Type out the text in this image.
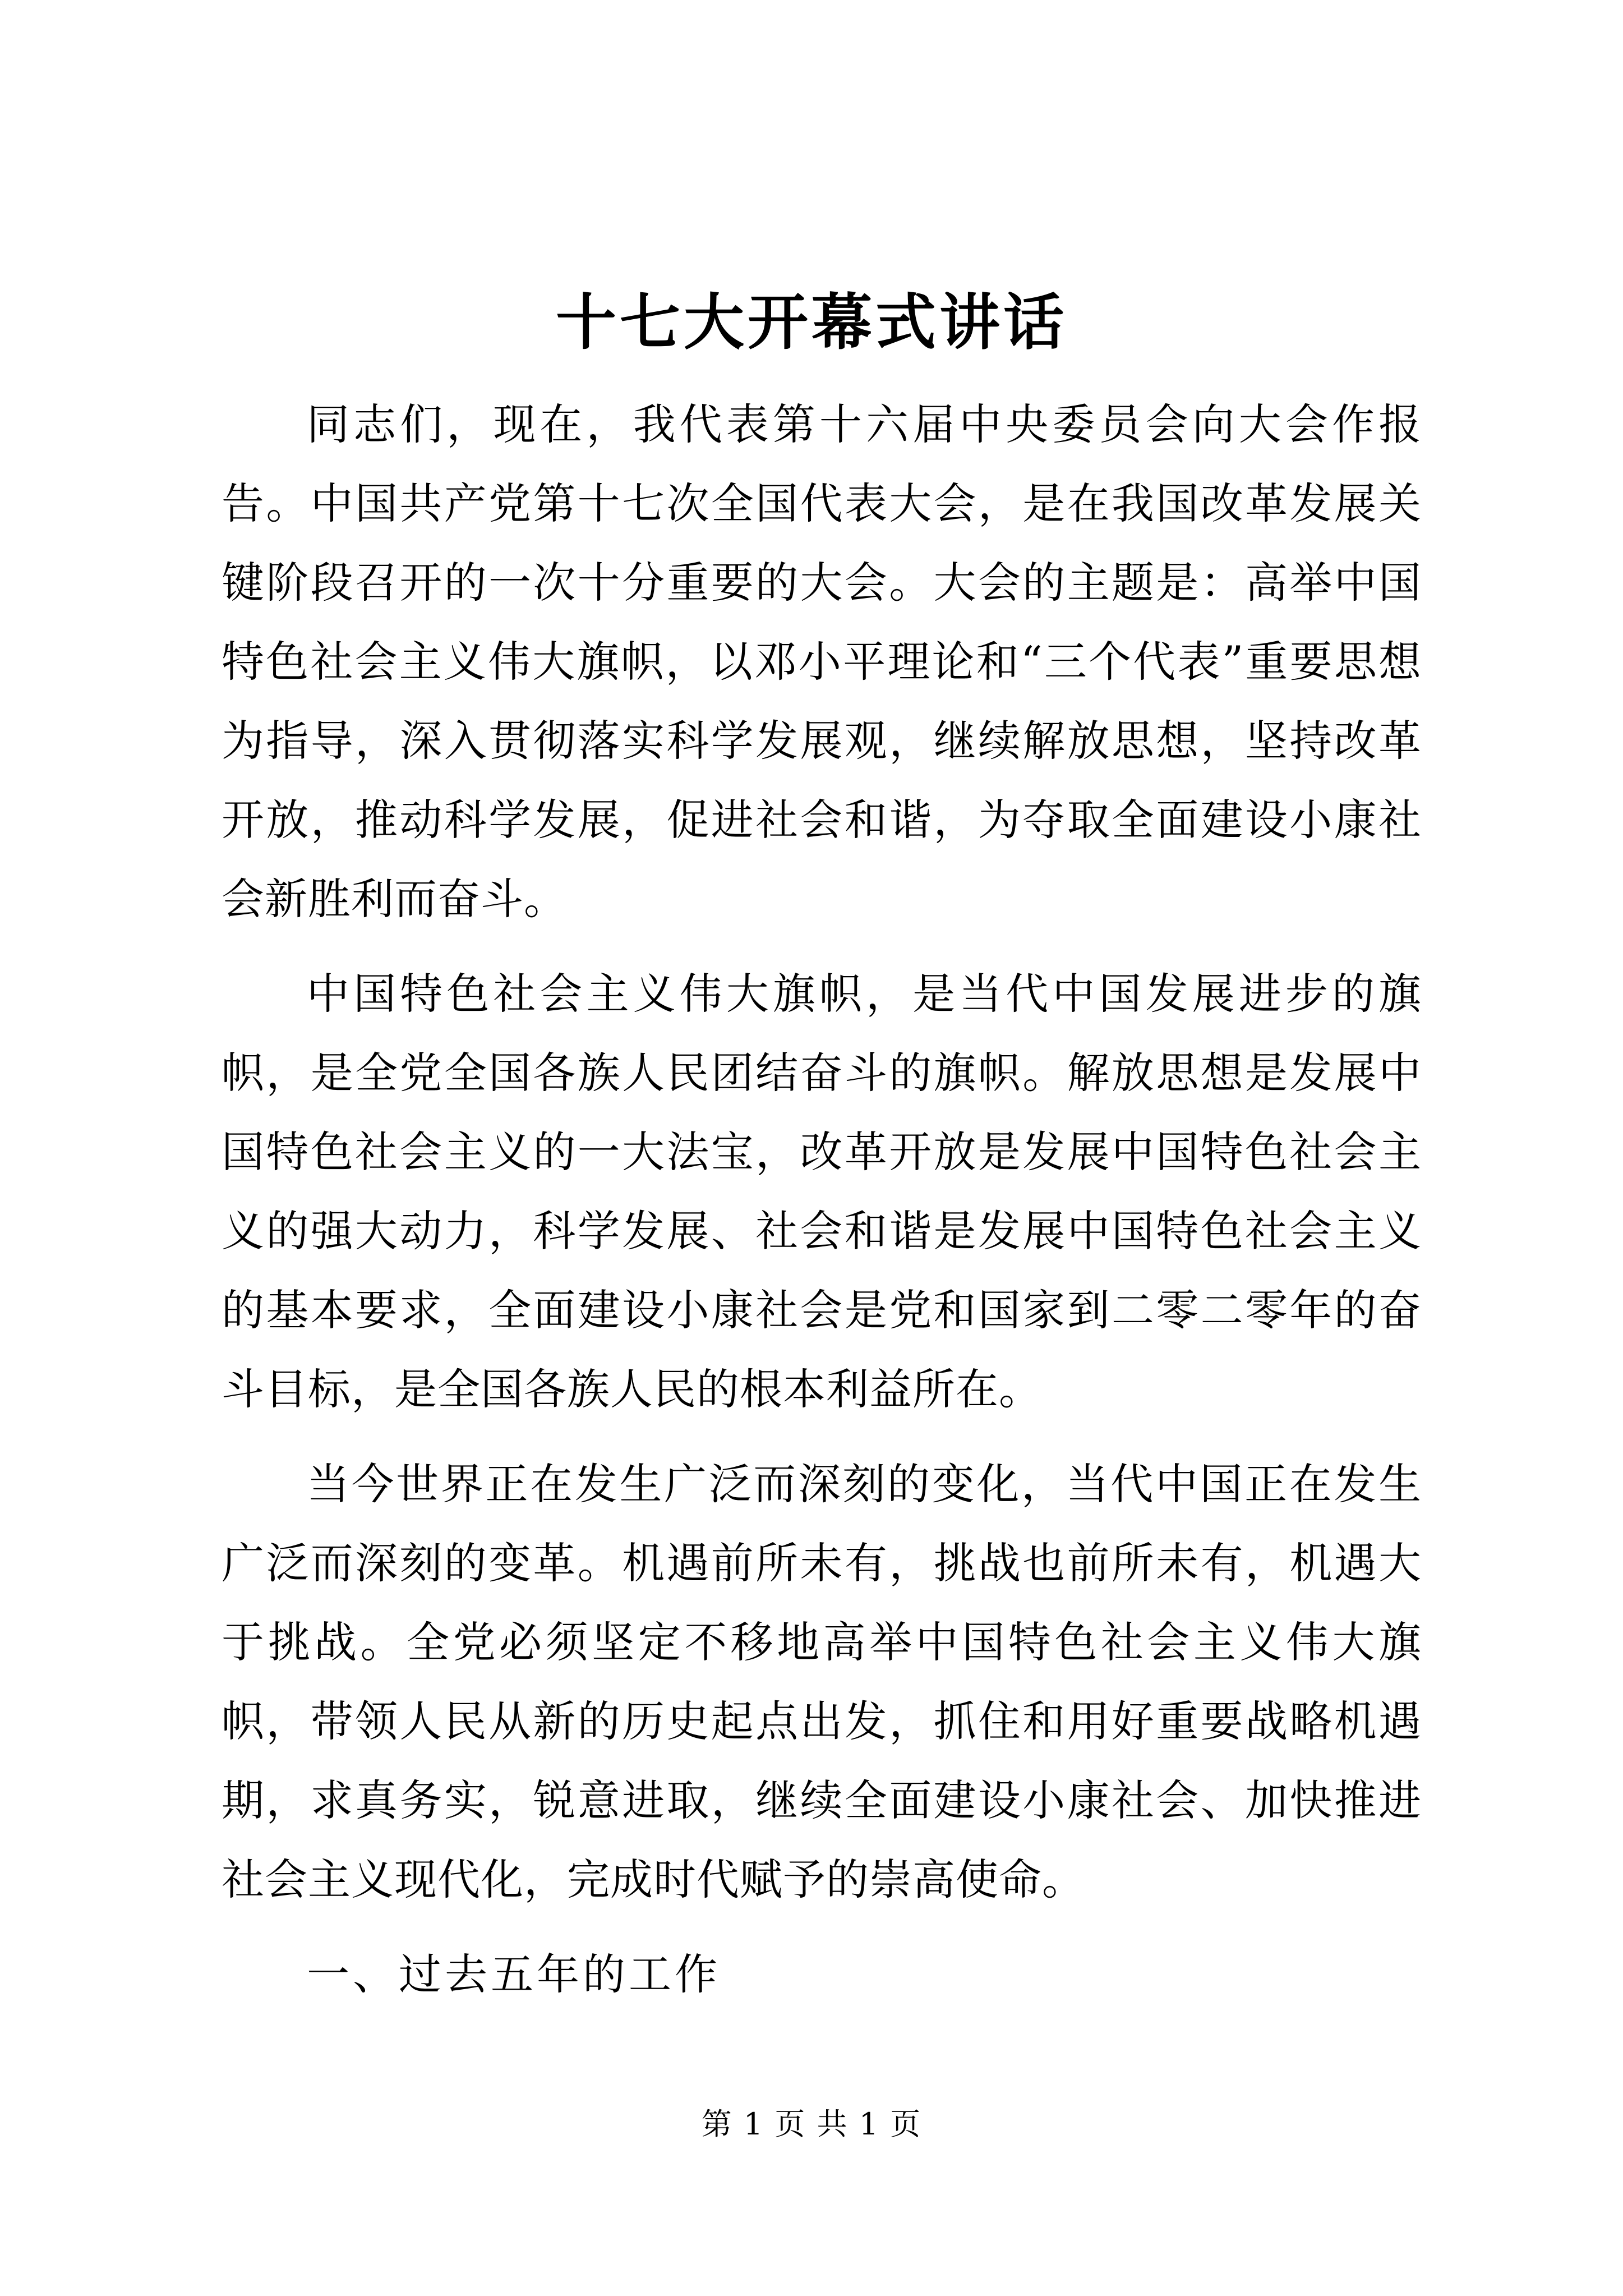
十七大开幕式讲话

同志们，现在，我代表第十六届中央委员会向大会作报告。中国共产党第十七次全国代表大会，是在我国改革发展关键阶段召开的一次十分重要的大会。大会的主题是：高举中国特色社会主义伟大旗帜，以邓小平理论和“三个代表”重要思想为指导，深入贯彻落实科学发展观，继续解放思想，坚持改革开放，推动科学发展，促进社会和谐，为夺取全面建设小康社会新胜利而奋斗。

中国特色社会主义伟大旗帜，是当代中国发展进步的旗帜，是全党全国各族人民团结奋斗的旗帜。解放思想是发展中国特色社会主义的一大法宝，改革开放是发展中国特色社会主义的强大动力，科学发展、社会和谐是发展中国特色社会主义的基本要求，全面建设小康社会是党和国家到二零二零年的奋斗目标，是全国各族人民的根本利益所在。

当今世界正在发生广泛而深刻的变化，当代中国正在发生广泛而深刻的变革。机遇前所未有，挑战也前所未有，机遇大于挑战。全党必须坚定不移地高举中国特色社会主义伟大旗帜，带领人民从新的历史起点出发，抓住和用好重要战略机遇期，求真务实，锐意进取，继续全面建设小康社会、加快推进社会主义现代化，完成时代赋予的崇高使命。

一、过去五年的工作

第 1 页 共 1 页
